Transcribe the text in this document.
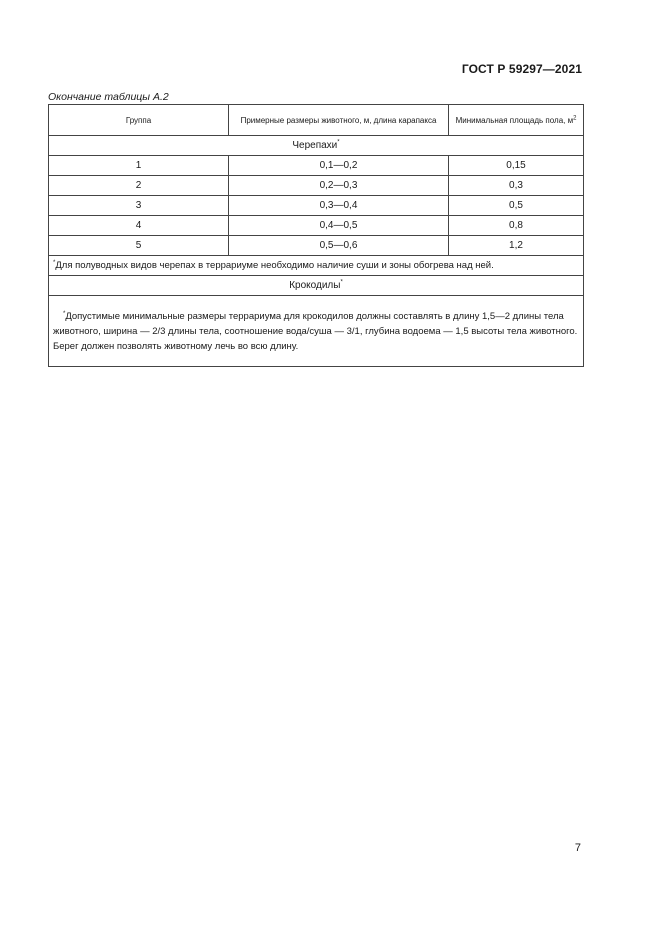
ГОСТ Р 59297—2021
Окончание таблицы А.2
Группа	Примерные размеры животного, м, длина карапакса	Минимальная площадь пола, $м^2$
Черепахи*
1	0,1—0,2	0,15
2	0,2—0,3	0,3
3	0,3—0,4	0,5
4	0,4—0,5	0,8
5	0,5—0,6	1,2
*Для полуводных видов черепах в террариуме необходимо наличие суши и зоны обогрева над ней.		
Крокодилы*
*Допустимые минимальные размеры террариума для крокодилов должны составлять в длину 1,5—2 длины тела животного, ширина — 2/3 длины тела, соотношение вода/суша — 3/1, глубина водоема — 1,5 высоты тела животного. Берег должен позволять животному лечь во всю длину.		
7
